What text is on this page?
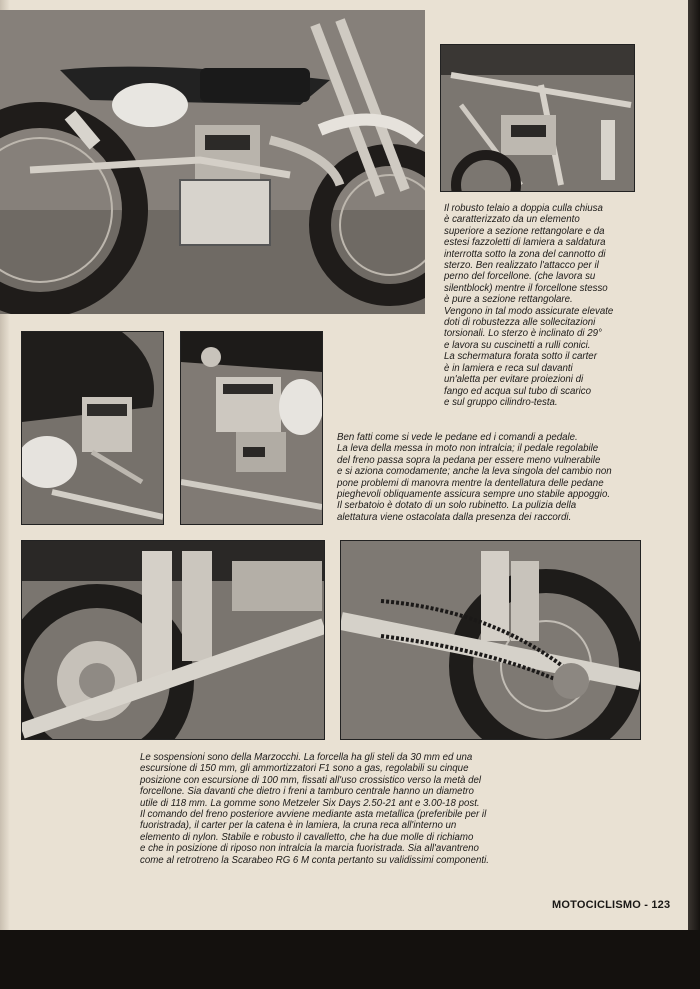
Il robusto telaio a doppia culla chiusa

è caratterizzato da un elemento

superiore a sezione rettangolare e da

estesi fazzoletti di lamiera a saldatura

interrotta sotto la zona del cannotto di

sterzo. Ben realizzato l'attacco per il

perno del forcellone. (che lavora su

silentblock) mentre il forcellone stesso

è pure a sezione rettangolare.

Vengono in tal modo assicurate elevate

doti di robustezza alle sollecitazioni

torsionali. Lo sterzo è inclinato di 29°

e lavora su cuscinetti a rulli conici.

La schermatura forata sotto il carter

è in lamiera e reca sul davanti

un'aletta per evitare proiezioni di

fango ed acqua sul tubo di scarico

e sul gruppo cilindro-testa.

Ben fatti come si vede le pedane ed i comandi a pedale.

La leva della messa in moto non intralcia; il pedale regolabile

del freno passa sopra la pedana per essere meno vulnerabile

e si aziona comodamente; anche la leva singola del cambio non

pone problemi di manovra mentre la dentellatura delle pedane

pieghevoli obliquamente assicura sempre uno stabile appoggio.

Il serbatoio è dotato di un solo rubinetto. La pulizia della

alettatura viene ostacolata dalla presenza dei raccordi.

Le sospensioni sono della Marzocchi. La forcella ha gli steli da 30 mm ed una

escursione di 150 mm, gli ammortizzatori F1 sono a gas, regolabili su cinque

posizione con escursione di 100 mm, fissati all'uso crossistico verso la metà del

forcellone. Sia davanti che dietro i freni a tamburo centrale hanno un diametro

utile di 118 mm. La gomme sono Metzeler Six Days 2.50-21 ant e 3.00-18 post.

Il comando del freno posteriore avviene mediante asta metallica (preferibile per il

fuoristrada), il carter per la catena è in lamiera, la cruna reca all'interno un

elemento di nylon. Stabile e robusto il cavalletto, che ha due molle di richiamo

e che in posizione di riposo non intralcia la marcia fuoristrada. Sia all'avantreno

come al retrotreno la Scarabeo RG 6 M conta pertanto su validissimi componenti.

MOTOCICLISMO - 123
